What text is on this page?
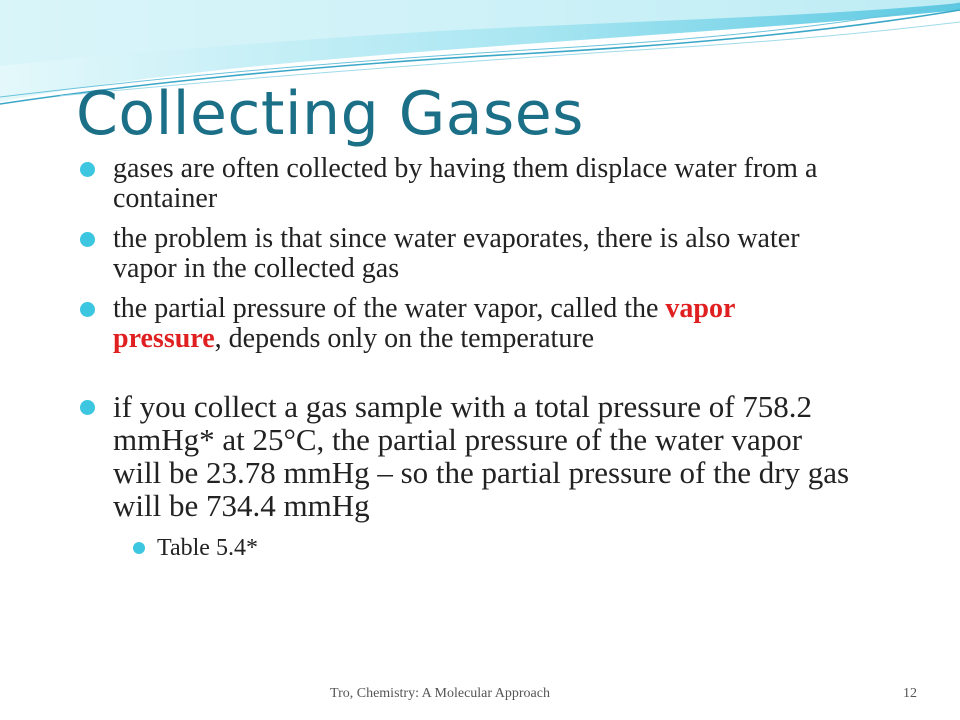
Collecting Gases
gases are often collected by having them displace water from a container
the problem is that since water evaporates, there is also water vapor in the collected gas
the partial pressure of the water vapor, called the vapor pressure, depends only on the temperature
if you collect a gas sample with a total pressure of 758.2 mmHg* at 25°C, the partial pressure of the water vapor will be 23.78 mmHg – so the partial pressure of the dry gas will be 734.4 mmHg
Table 5.4*
Tro, Chemistry: A Molecular Approach	12
